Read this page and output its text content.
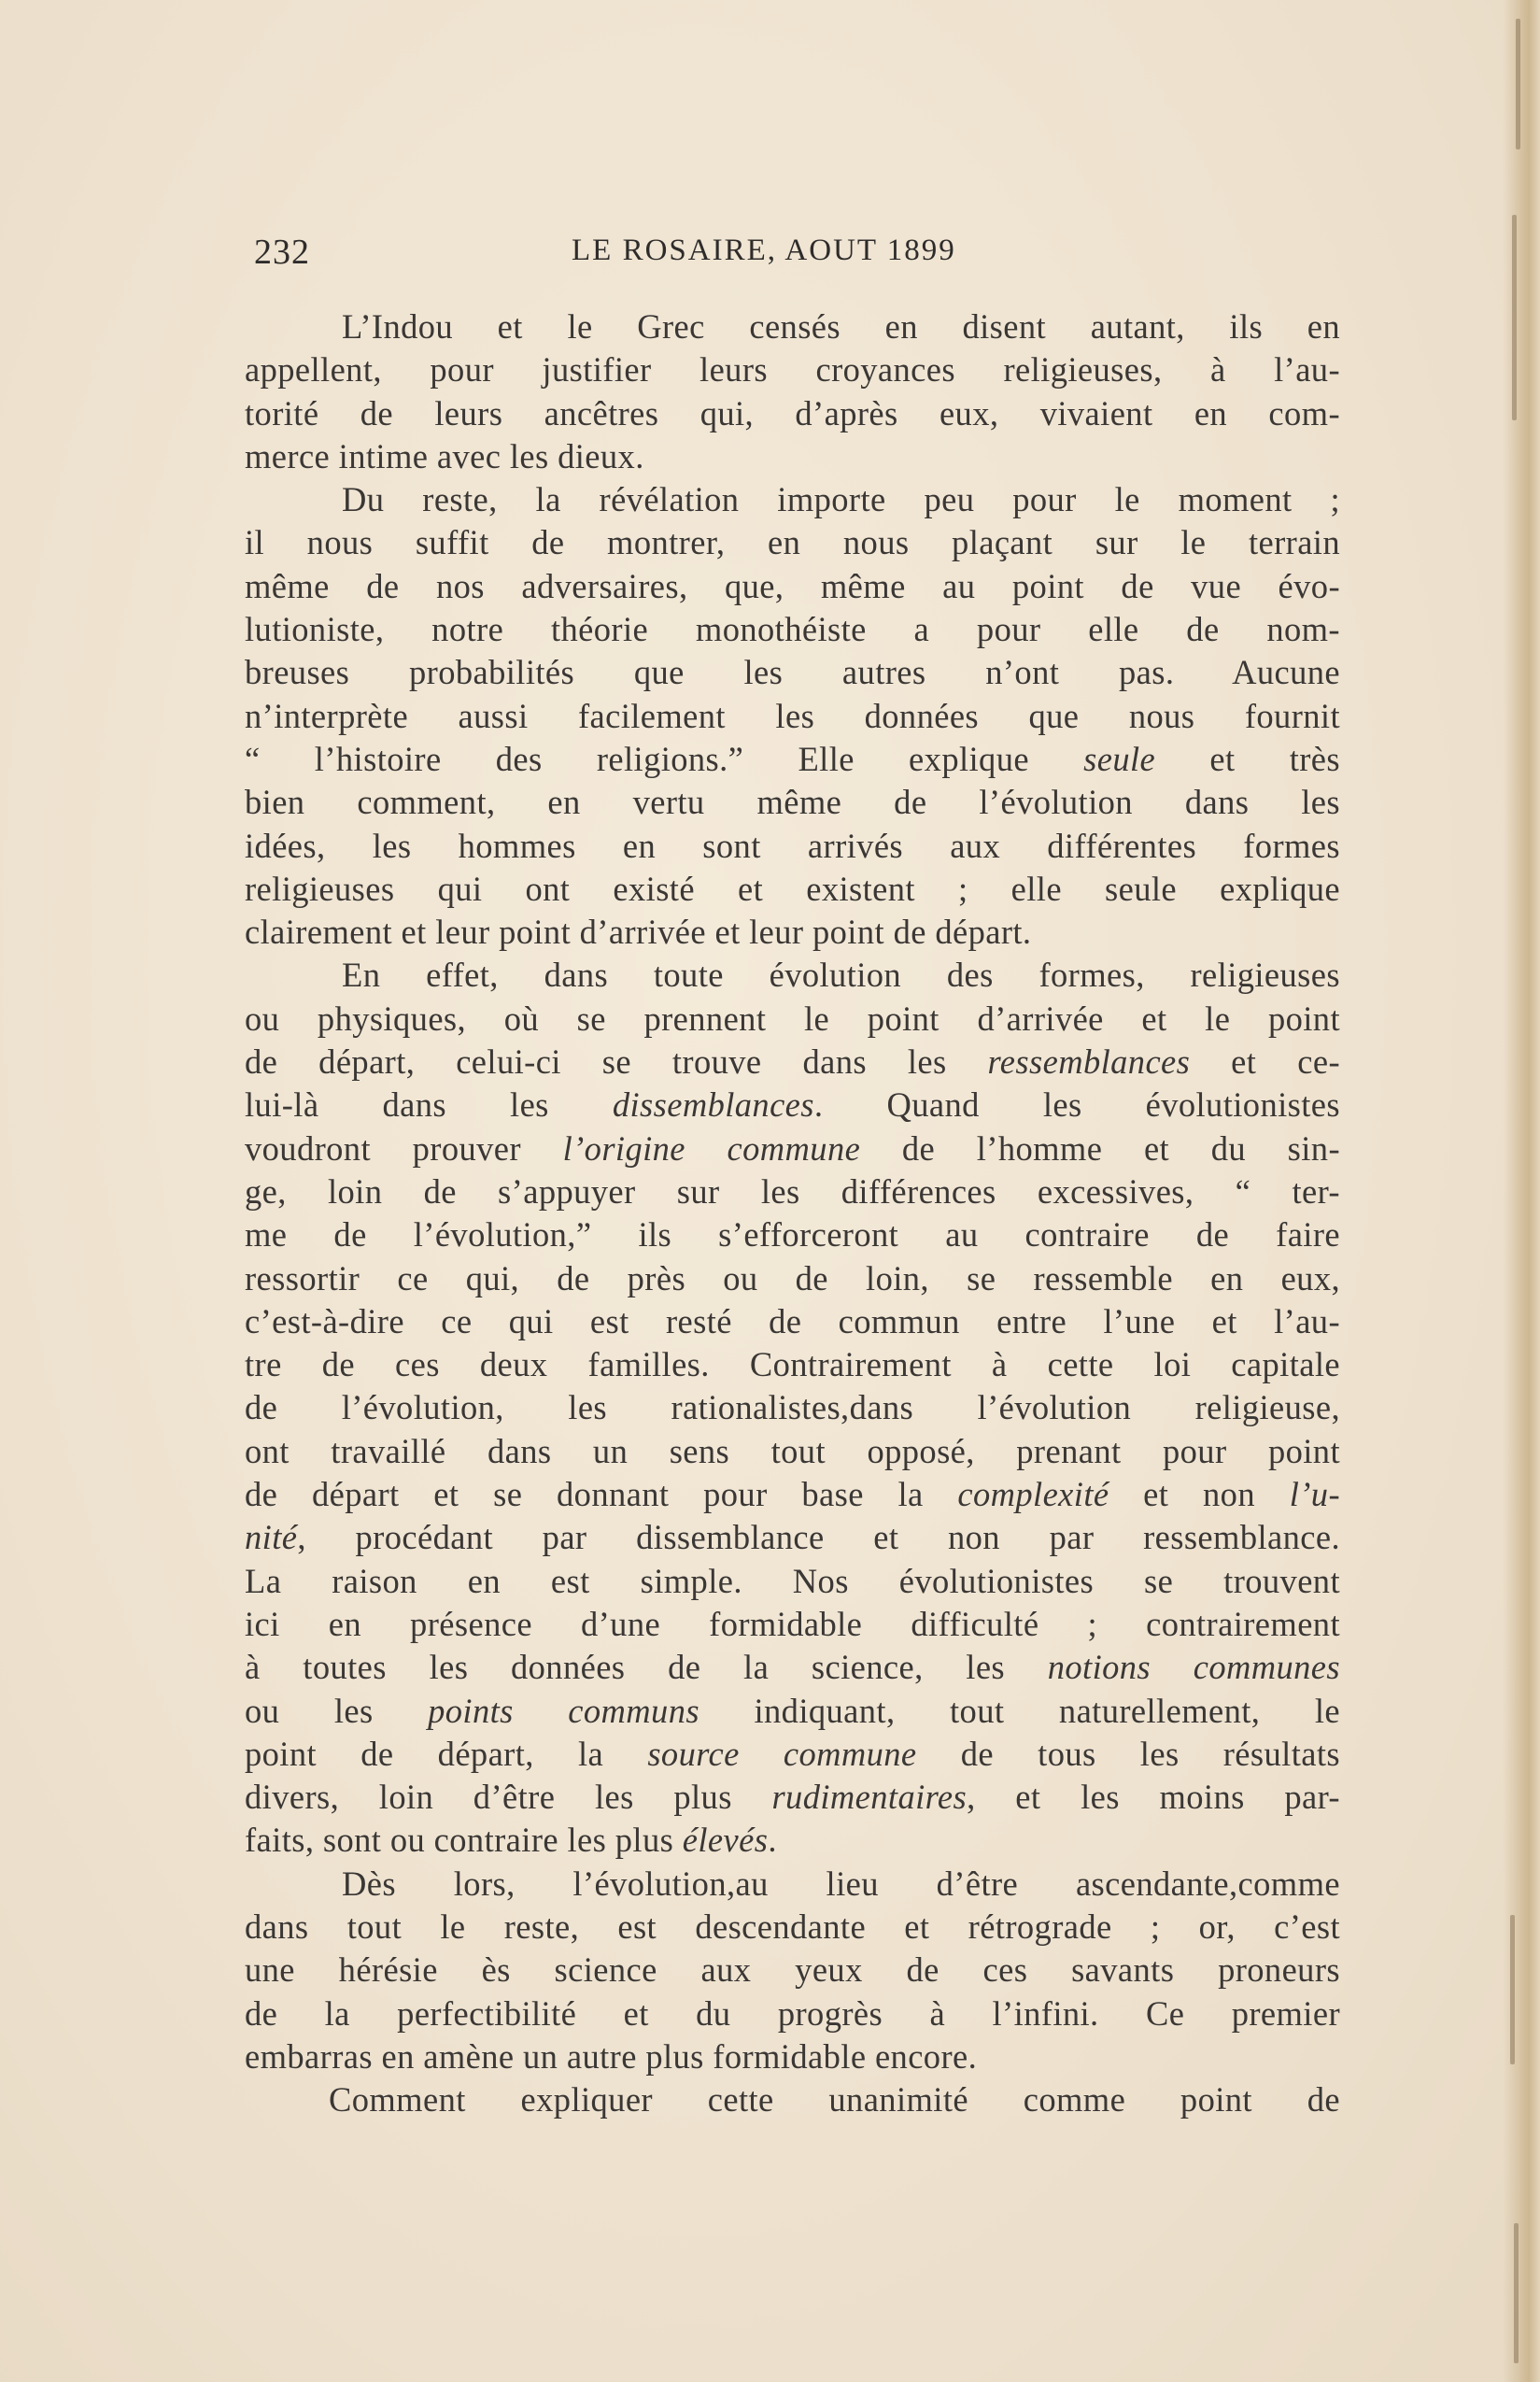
232	LE ROSAIRE, AOUT 1899
L’Indou et le Grec censés en disent autant, ils en
appellent, pour justifier leurs croyances religieuses, à l’au-
torité de leurs ancêtres qui, d’après eux, vivaient en com-
merce intime avec les dieux.
Du reste, la révélation importe peu pour le moment ;
il nous suffit de montrer, en nous plaçant sur le terrain
même de nos adversaires, que, même au point de vue évo-
lutioniste, notre théorie monothéiste a pour elle de nom-
breuses probabilités que les autres n’ont pas. Aucune
n’interprète aussi facilement les données que nous fournit
“ l’histoire des religions.” Elle explique seule et très
bien comment, en vertu même de l’évolution dans les
idées, les hommes en sont arrivés aux différentes formes
religieuses qui ont existé et existent ; elle seule explique
clairement et leur point d’arrivée et leur point de départ.
En effet, dans toute évolution des formes, religieuses
ou physiques, où se prennent le point d’arrivée et le point
de départ, celui-ci se trouve dans les ressemblances et ce-
lui-là dans les dissemblances. Quand les évolutionistes
voudront prouver l’origine commune de l’homme et du sin-
ge, loin de s’appuyer sur les différences excessives, “ ter-
me de l’évolution,” ils s’efforceront au contraire de faire
ressortir ce qui, de près ou de loin, se ressemble en eux,
c’est-à-dire ce qui est resté de commun entre l’une et l’au-
tre de ces deux familles. Contrairement à cette loi capitale
de l’évolution, les rationalistes,dans l’évolution religieuse,
ont travaillé dans un sens tout opposé, prenant pour point
de départ et se donnant pour base la complexité et non l’u-
nité, procédant par dissemblance et non par ressemblance.
La raison en est simple. Nos évolutionistes se trouvent
ici en présence d’une formidable difficulté ; contrairement
à toutes les données de la science, les notions communes
ou les points communs indiquant, tout naturellement, le
point de départ, la source commune de tous les résultats
divers, loin d’être les plus rudimentaires, et les moins par-
faits, sont ou contraire les plus élevés.
Dès lors, l’évolution,au lieu d’être ascendante,comme
dans tout le reste, est descendante et rétrograde ; or, c’est
une hérésie ès science aux yeux de ces savants proneurs
de la perfectibilité et du progrès à l’infini. Ce premier
embarras en amène un autre plus formidable encore.
Comment expliquer cette unanimité comme point de
